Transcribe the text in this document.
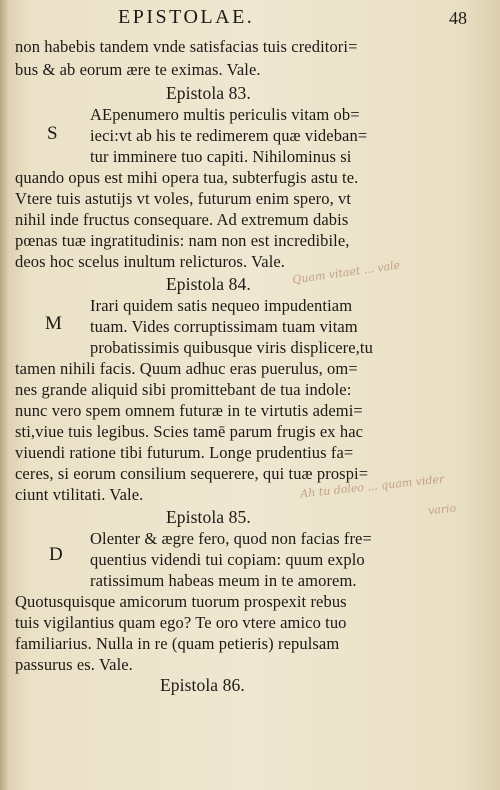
EPISTOLAE.	48
non habebis tandem vnde satisfacias tuis creditori=
bus & ab eorum ære te eximas. Vale.
Epistola 83.
AEpenumero multis periculis vitam ob=
ieci:vt ab his te redimerem quæ videban=
tur imminere tuo capiti. Nihilominus si
quando opus est mihi opera tua, subterfugis astu te.
Vtere tuis astutijs vt voles, futurum enim spero, vt
nihil inde fructus consequare. Ad extremum dabis
pœnas tuæ ingratitudinis: nam non est incredibile,
deos hoc scelus inultum relicturos. Vale.
Epistola 84.
Irari quidem satis nequeo impudentiam
tuam. Vides corruptissimam tuam vitam
probatissimis quibusque viris displicere,tu
tamen nihili facis. Quum adhuc eras puerulus, om=
nes grande aliquid sibi promittebant de tua indole:
nunc vero spem omnem futuræ in te virtutis ademi=
sti,viue tuis legibus. Scies tamē parum frugis ex hac
viuendi ratione tibi futurum. Longe prudentius fa=
ceres, si eorum consilium sequerere, qui tuæ prospi=
ciunt vtilitati. Vale.
Epistola 85.
Olenter & ægre fero, quod non facias fre=
quentius videndi tui copiam: quum explo
ratissimum habeas meum in te amorem.
Quotusquisque amicorum tuorum prospexit rebus
tuis vigilantius quam ego? Te oro vtere amico tuo
familiarius. Nulla in re (quam petieris) repulsam
passurus es. Vale.
Epistola 86.
S
M
D
Quam vitaet ... vale
Ah tu doleo ... quam vider
vario
